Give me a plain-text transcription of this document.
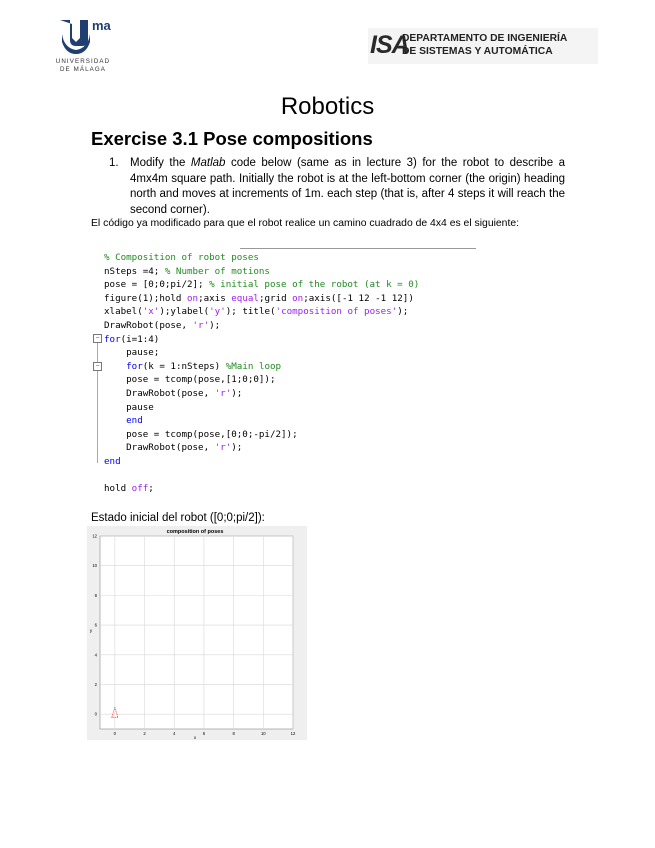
ma
UNIVERSIDAD
DE MÁLAGA
ISA
DEPARTAMENTO DE INGENIERÍA
DE SISTEMAS Y AUTOMÁTICA
Robotics
Exercise 3.1 Pose compositions
1. Modify the Matlab code below (same as in lecture 3) for the robot to describe a 4mx4m square path. Initially the robot is at the left-bottom corner (the origin) heading north and moves at increments of 1m. each step (that is, after 4 steps it will reach the second corner).
El código ya modificado para que el robot realice un camino cuadrado de 4x4 es el siguiente:
−
−
% Composition of robot poses
nSteps =4; % Number of motions
pose = [0;0;pi/2]; % initial pose of the robot (at k = 0)
figure(1);hold on;axis equal;grid on;axis([-1 12 -1 12])
xlabel('x');ylabel('y'); title('composition of poses');
DrawRobot(pose, 'r');
for(i=1:4)
pause;
for(k = 1:nSteps) %Main loop
pose = tcomp(pose,[1;0;0]);
DrawRobot(pose, 'r');
pause
end
pose = tcomp(pose,[0;0;-pi/2]);
DrawRobot(pose, 'r');
end

hold off;
Estado inicial del robot ([0;0;pi/2]):
composition of poses
0	2	4	6	8	10	12
0
2
4
6
8
10
12
x
y
